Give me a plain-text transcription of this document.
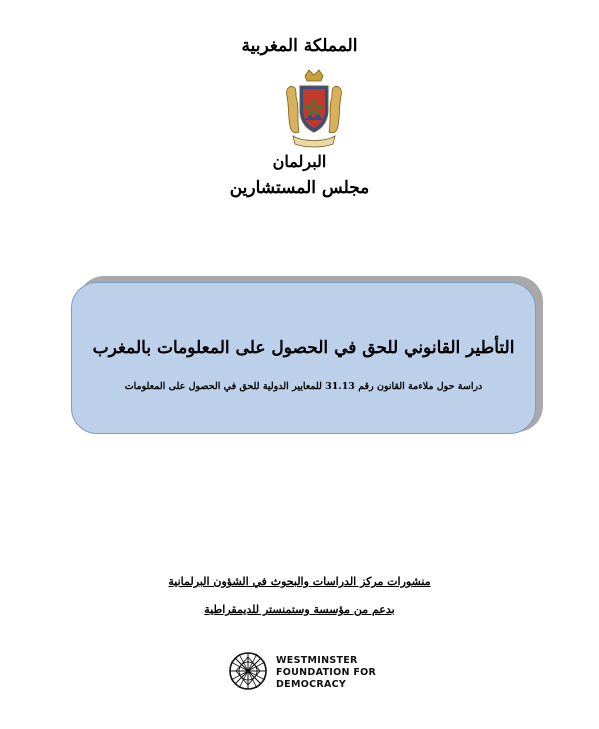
المملكة المغربية
البرلمان
مجلس المستشارين
التأطير القانوني للحق في الحصول على المعلومات بالمغرب
دراسة حول ملاءمة القانون رقم 31.13 للمعايير الدولية للحق في الحصول على المعلومات
منشورات مركز الدراسات والبحوث في الشؤون البرلمانية
بدعم من مؤسسة وستمنستر للديمقراطية
WESTMINSTER
FOUNDATION FOR
DEMOCRACY
